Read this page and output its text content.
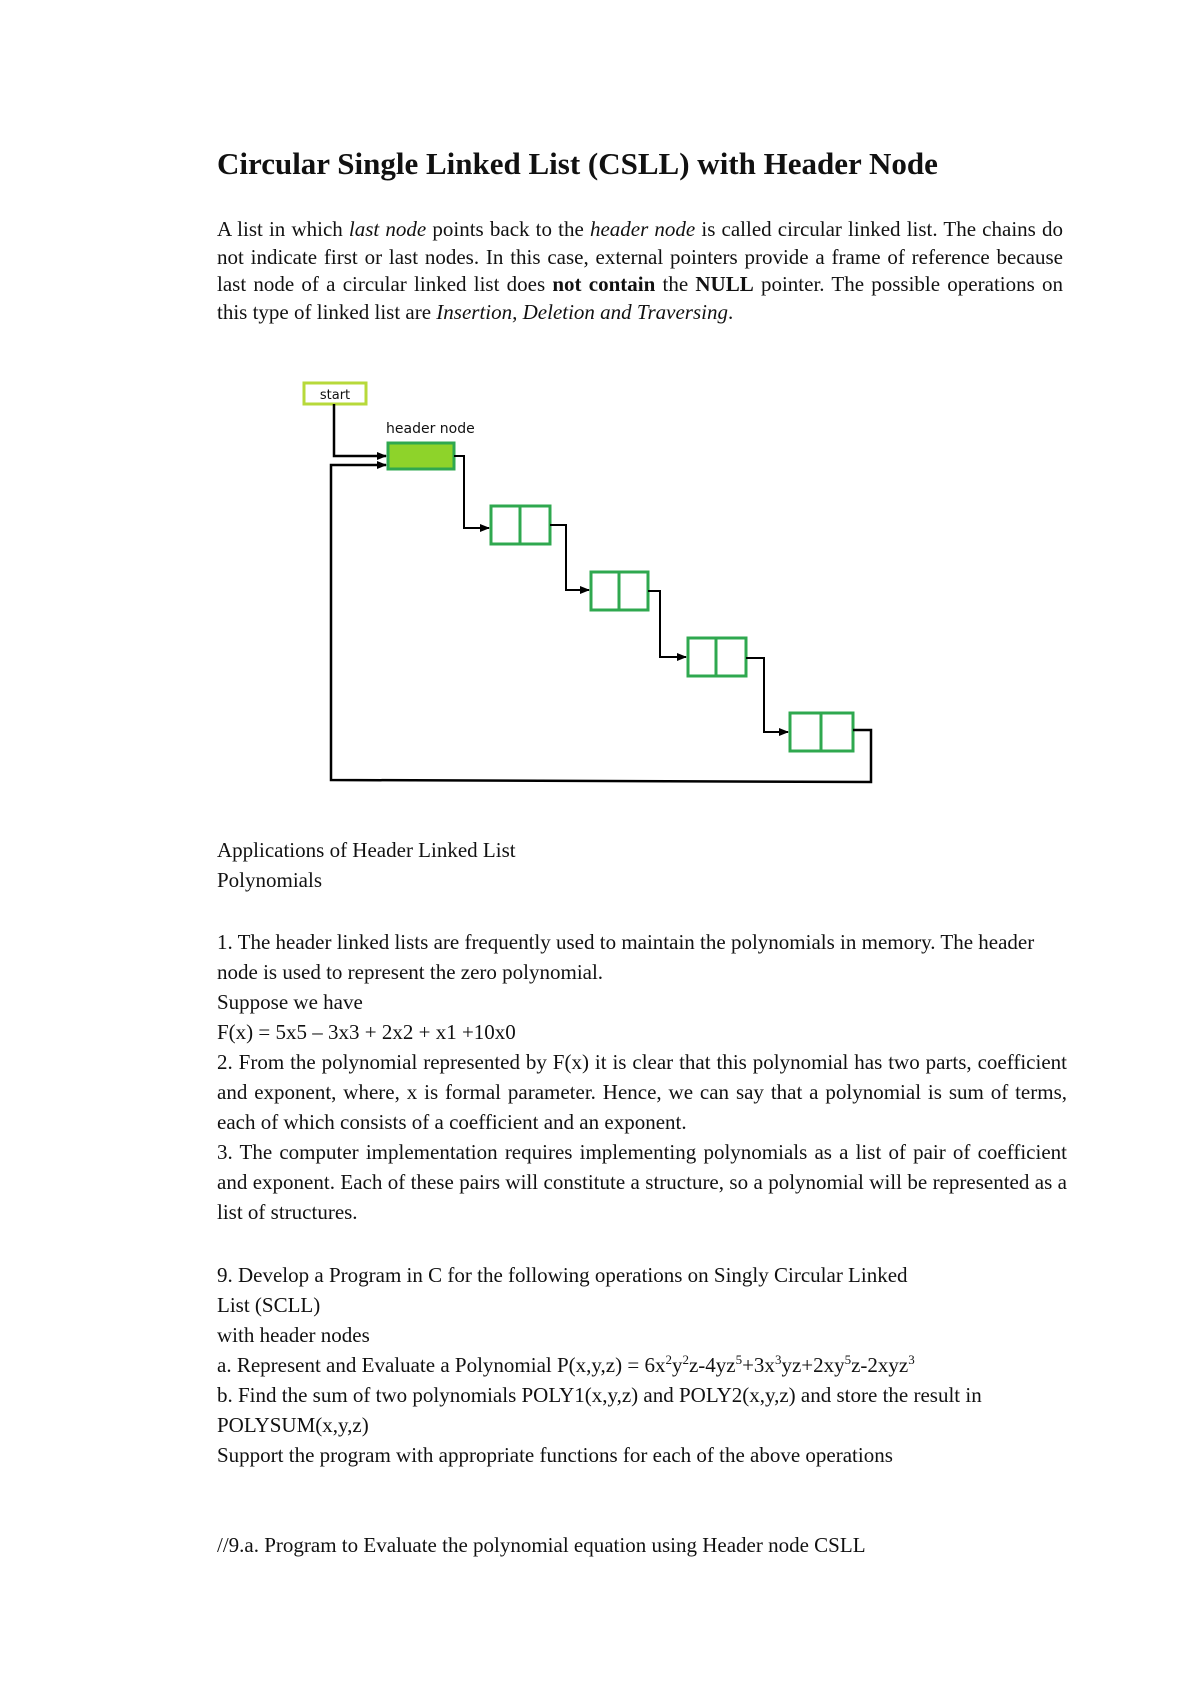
Circular Single Linked List (CSLL) with Header Node
A list in which last node points back to the header node is called circular linked list. The chains do not indicate first or last nodes. In this case, external pointers provide a frame of reference because last node of a circular linked list does not contain the NULL pointer. The possible operations on this type of linked list are Insertion, Deletion and Traversing.
start
header node

Applications of Header Linked List

Polynomials

1. The header linked lists are frequently used to maintain the polynomials in memory. The header node is used to represent the zero polynomial.

Suppose we have

F(x) = 5x5 – 3x3 + 2x2 + x1 +10x0

2. From the polynomial represented by F(x) it is clear that this polynomial has two parts, coefficient and exponent, where, x is formal parameter. Hence, we can say that a polynomial is sum of terms, each of which consists of a coefficient and an exponent.

3. The computer implementation requires implementing polynomials as a list of pair of coefficient and exponent. Each of these pairs will constitute a structure, so a polynomial will be represented as a list of structures.

9. Develop a Program in C for the following operations on Singly Circular Linked

List (SCLL)

with header nodes

a. Represent and Evaluate a Polynomial $P(x,y,z) = 6x^2y^2z-4yz^5+3x^3yz+2xy^5z-2xyz^3$

b. Find the sum of two polynomials POLY1(x,y,z) and POLY2(x,y,z) and store the result in POLYSUM(x,y,z)

Support the program with appropriate functions for each of the above operations

//9.a. Program to Evaluate the polynomial equation using Header node CSLL
